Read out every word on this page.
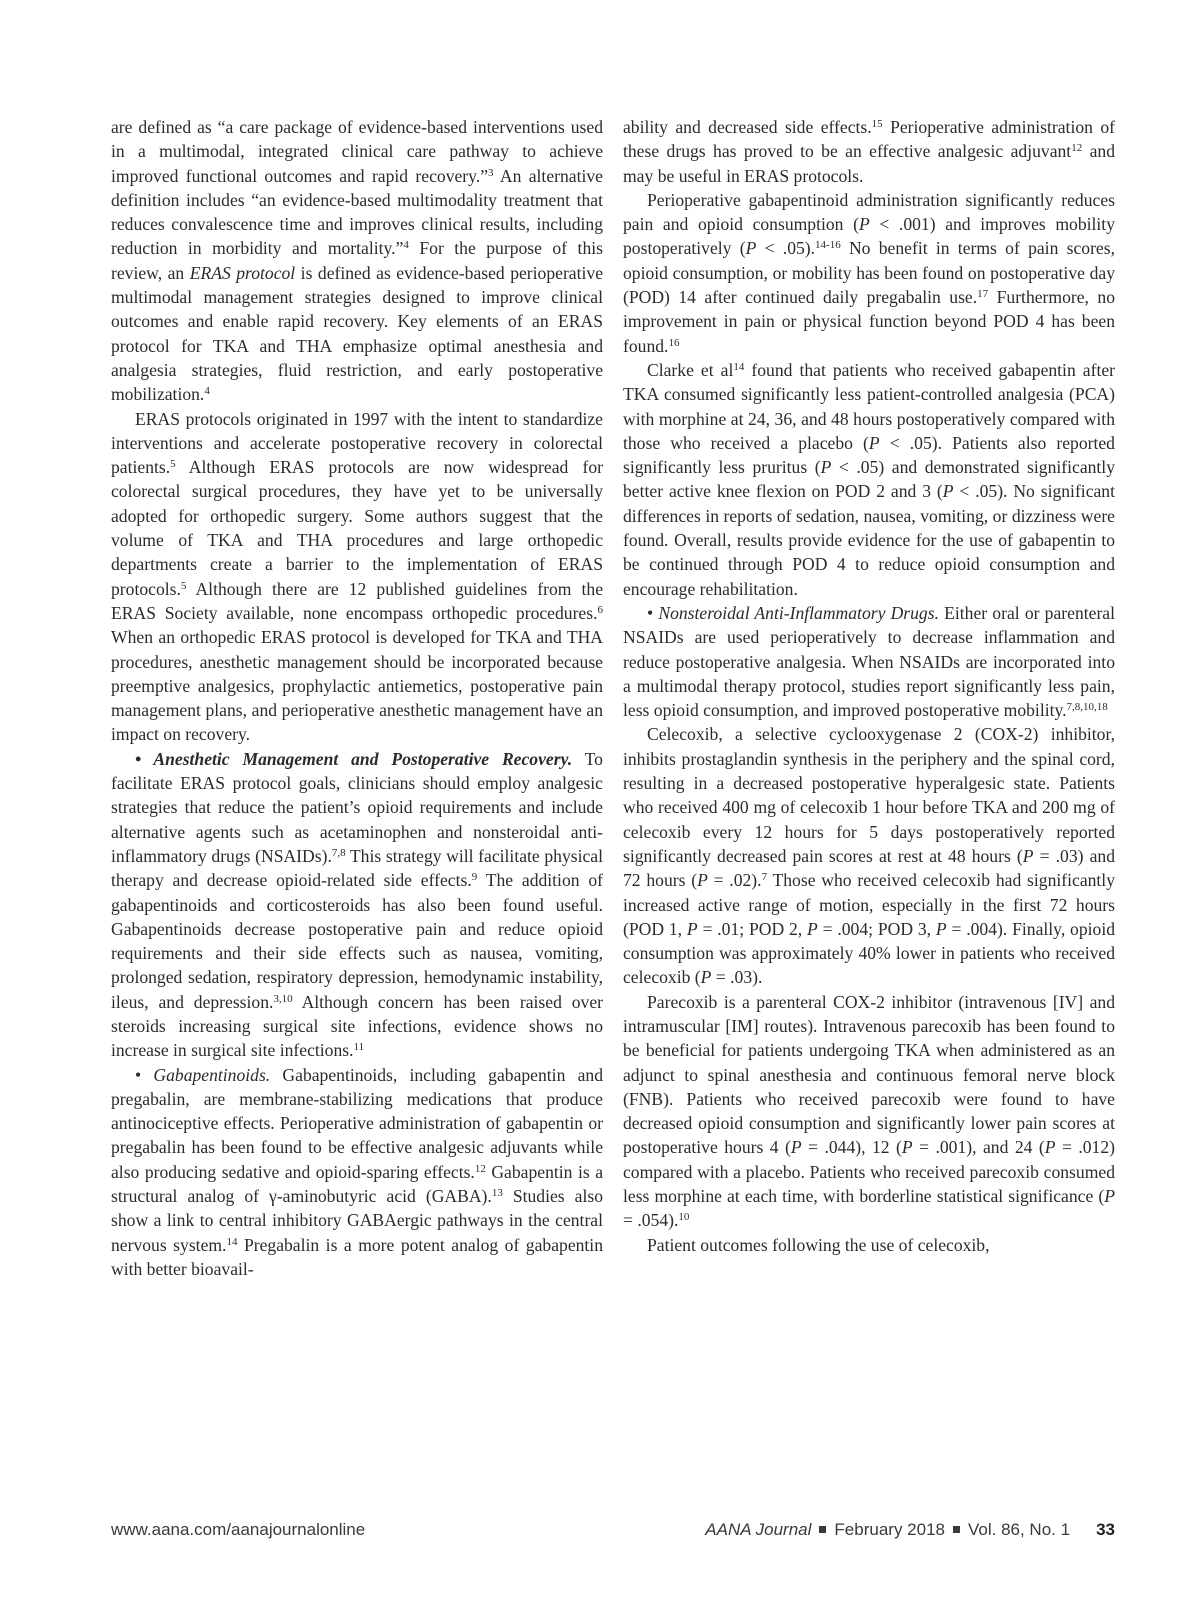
are defined as “a care package of evidence-based interventions used in a multimodal, integrated clinical care pathway to achieve improved functional outcomes and rapid recovery.”$^3$ An alternative definition includes “an evidence-based multimodality treatment that reduces convalescence time and improves clinical results, including reduction in morbidity and mortality.”$^4$ For the purpose of this review, an ERAS protocol is defined as evidence-based perioperative multimodal management strategies designed to improve clinical outcomes and enable rapid recovery. Key elements of an ERAS protocol for TKA and THA emphasize optimal anesthesia and analgesia strategies, fluid restriction, and early postoperative mobilization.$^4$

ERAS protocols originated in 1997 with the intent to standardize interventions and accelerate postoperative recovery in colorectal patients.$^5$ Although ERAS protocols are now widespread for colorectal surgical procedures, they have yet to be universally adopted for orthopedic surgery. Some authors suggest that the volume of TKA and THA procedures and large orthopedic departments create a barrier to the implementation of ERAS protocols.$^5$ Although there are 12 published guidelines from the ERAS Society available, none encompass orthopedic procedures.$^6$ When an orthopedic ERAS protocol is developed for TKA and THA procedures, anesthetic management should be incorporated because preemptive analgesics, prophylactic antiemetics, postoperative pain management plans, and perioperative anesthetic management have an impact on recovery.

• Anesthetic Management and Postoperative Recovery. To facilitate ERAS protocol goals, clinicians should employ analgesic strategies that reduce the patient’s opioid requirements and include alternative agents such as acetaminophen and nonsteroidal anti-inflammatory drugs (NSAIDs).$^{7,8}$ This strategy will facilitate physical therapy and decrease opioid-related side effects.$^9$ The addition of gabapentinoids and corticosteroids has also been found useful. Gabapentinoids decrease postoperative pain and reduce opioid requirements and their side effects such as nausea, vomiting, prolonged sedation, respiratory depression, hemodynamic instability, ileus, and depression.$^{3,10}$ Although concern has been raised over steroids increasing surgical site infections, evidence shows no increase in surgical site infections.$^{11}$

• Gabapentinoids. Gabapentinoids, including gabapentin and pregabalin, are membrane-stabilizing medications that produce antinociceptive effects. Perioperative administration of gabapentin or pregabalin has been found to be effective analgesic adjuvants while also producing sedative and opioid-sparing effects.$^{12}$ Gabapentin is a structural analog of γ-aminobutyric acid (GABA).$^{13}$ Studies also show a link to central inhibitory GABAergic pathways in the central nervous system.$^{14}$ Pregabalin is a more potent analog of gabapentin with better bioavail-

ability and decreased side effects.$^{15}$ Perioperative administration of these drugs has proved to be an effective analgesic adjuvant$^{12}$ and may be useful in ERAS protocols.

Perioperative gabapentinoid administration significantly reduces pain and opioid consumption (P < .001) and improves mobility postoperatively (P < .05).$^{14-16}$ No benefit in terms of pain scores, opioid consumption, or mobility has been found on postoperative day (POD) 14 after continued daily pregabalin use.$^{17}$ Furthermore, no improvement in pain or physical function beyond POD 4 has been found.$^{16}$

Clarke et $al^{14}$ found that patients who received gabapentin after TKA consumed significantly less patient-controlled analgesia (PCA) with morphine at 24, 36, and 48 hours postoperatively compared with those who received a placebo (P < .05). Patients also reported significantly less pruritus (P < .05) and demonstrated significantly better active knee flexion on POD 2 and 3 (P < .05). No significant differences in reports of sedation, nausea, vomiting, or dizziness were found. Overall, results provide evidence for the use of gabapentin to be continued through POD 4 to reduce opioid consumption and encourage rehabilitation.

• Nonsteroidal Anti-Inflammatory Drugs. Either oral or parenteral NSAIDs are used perioperatively to decrease inflammation and reduce postoperative analgesia. When NSAIDs are incorporated into a multimodal therapy protocol, studies report significantly less pain, less opioid consumption, and improved postoperative mobility.$^{7,8,10,18}$

Celecoxib, a selective cyclooxygenase 2 (COX-2) inhibitor, inhibits prostaglandin synthesis in the periphery and the spinal cord, resulting in a decreased postoperative hyperalgesic state. Patients who received 400 mg of celecoxib 1 hour before TKA and 200 mg of celecoxib every 12 hours for 5 days postoperatively reported significantly decreased pain scores at rest at 48 hours (P = .03) and 72 hours (P = .02).$^7$ Those who received celecoxib had significantly increased active range of motion, especially in the first 72 hours (POD 1, P = .01; POD 2, P = .004; POD 3, P = .004). Finally, opioid consumption was approximately 40% lower in patients who received celecoxib (P = .03).

Parecoxib is a parenteral COX-2 inhibitor (intravenous [IV] and intramuscular [IM] routes). Intravenous parecoxib has been found to be beneficial for patients undergoing TKA when administered as an adjunct to spinal anesthesia and continuous femoral nerve block (FNB). Patients who received parecoxib were found to have decreased opioid consumption and significantly lower pain scores at postoperative hours 4 (P = .044), 12 (P = .001), and 24 (P = .012) compared with a placebo. Patients who received parecoxib consumed less morphine at each time, with borderline statistical significance (P = .054).$^{10}$

Patient outcomes following the use of celecoxib,

www.aana.com/aanajournalonline	AANA Journal February 2018 Vol. 86, No. 1 33
